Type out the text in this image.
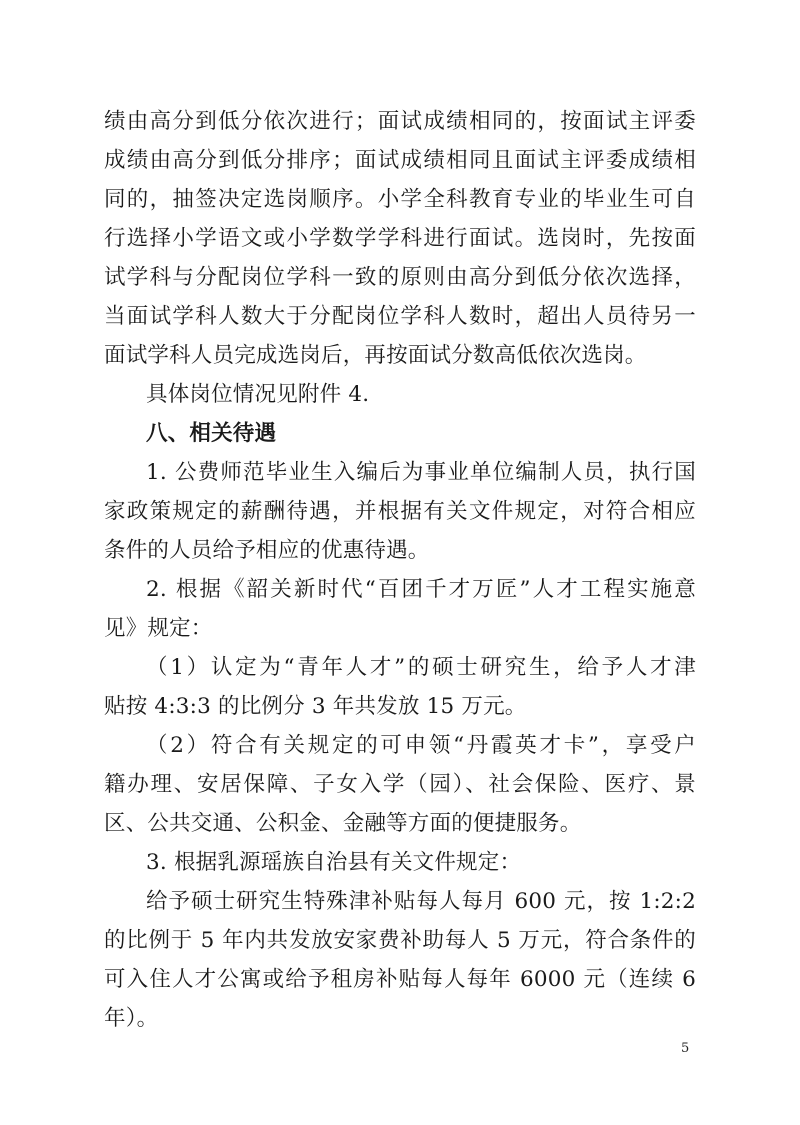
绩由高分到低分依次进行；面试成绩相同的，按面试主评委
成绩由高分到低分排序；面试成绩相同且面试主评委成绩相
同的，抽签决定选岗顺序。小学全科教育专业的毕业生可自
行选择小学语文或小学数学学科进行面试。选岗时，先按面
试学科与分配岗位学科一致的原则由高分到低分依次选择，
当面试学科人数大于分配岗位学科人数时，超出人员待另一
面试学科人员完成选岗后，再按面试分数高低依次选岗。
具体岗位情况见附件 4.
八、相关待遇
1. 公费师范毕业生入编后为事业单位编制人员，执行国
家政策规定的薪酬待遇，并根据有关文件规定，对符合相应
条件的人员给予相应的优惠待遇。
2. 根据《韶关新时代“百团千才万匠”人才工程实施意
见》规定：
（1）认定为“青年人才”的硕士研究生，给予人才津
贴按 4:3:3 的比例分 3 年共发放 15 万元。
（2）符合有关规定的可申领“丹霞英才卡”，享受户
籍办理、安居保障、子女入学（园）、社会保险、医疗、景
区、公共交通、公积金、金融等方面的便捷服务。
3. 根据乳源瑶族自治县有关文件规定：
给予硕士研究生特殊津补贴每人每月 600 元，按 1:2:2
的比例于 5 年内共发放安家费补助每人 5 万元，符合条件的
可入住人才公寓或给予租房补贴每人每年 6000 元（连续 6
年）。
5
